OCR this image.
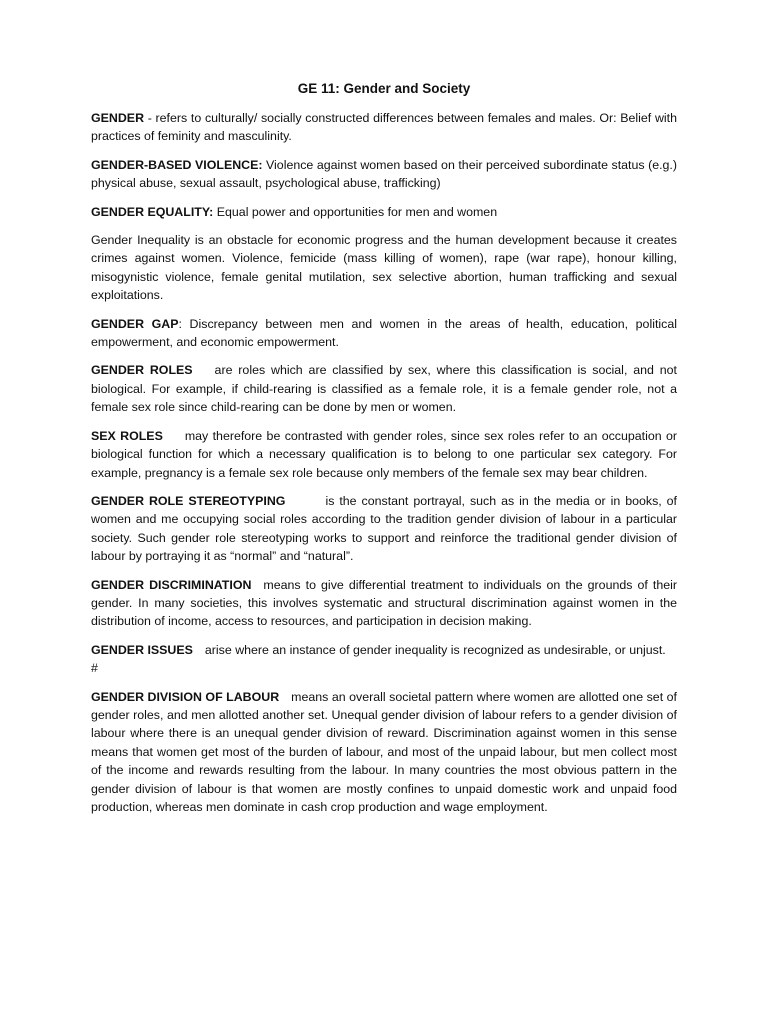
GE 11: Gender and Society

GENDER - refers to culturally/ socially constructed differences between females and males. Or: Belief with practices of feminity and masculinity.

GENDER-BASED VIOLENCE: Violence against women based on their perceived subordinate status (e.g.) physical abuse, sexual assault, psychological abuse, trafficking)

GENDER EQUALITY: Equal power and opportunities for men and women

Gender Inequality is an obstacle for economic progress and the human development because it creates crimes against women. Violence, femicide (mass killing of women), rape (war rape), honour killing, misogynistic violence, female genital mutilation, sex selective abortion, human trafficking and sexual exploitations.

GENDER GAP: Discrepancy between men and women in the areas of health, education, political empowerment, and economic empowerment.

GENDER ROLES are roles which are classified by sex, where this classification is social, and not biological. For example, if child-rearing is classified as a female role, it is a female gender role, not a female sex role since child-rearing can be done by men or women.

SEX ROLES may therefore be contrasted with gender roles, since sex roles refer to an occupation or biological function for which a necessary qualification is to belong to one particular sex category. For example, pregnancy is a female sex role because only members of the female sex may bear children.

GENDER ROLE STEREOTYPING	is the constant portrayal, such as in the media or in books, of women and me occupying social roles according to the tradition gender division of labour in a particular society. Such gender role stereotyping works to support and reinforce the traditional gender division of labour by portraying it as “normal” and “natural”.

GENDER DISCRIMINATION means to give differential treatment to individuals on the grounds of their gender. In many societies, this involves systematic and structural discrimination against women in the distribution of income, access to resources, and participation in decision making.

GENDER ISSUES arise where an instance of gender inequality is recognized as undesirable, or unjust.

#

GENDER DIVISION OF LABOUR means an overall societal pattern where women are allotted one set of gender roles, and men allotted another set. Unequal gender division of labour refers to a gender division of labour where there is an unequal gender division of reward. Discrimination against women in this sense means that women get most of the burden of labour, and most of the unpaid labour, but men collect most of the income and rewards resulting from the labour. In many countries the most obvious pattern in the gender division of labour is that women are mostly confines to unpaid domestic work and unpaid food production, whereas men dominate in cash crop production and wage employment.
